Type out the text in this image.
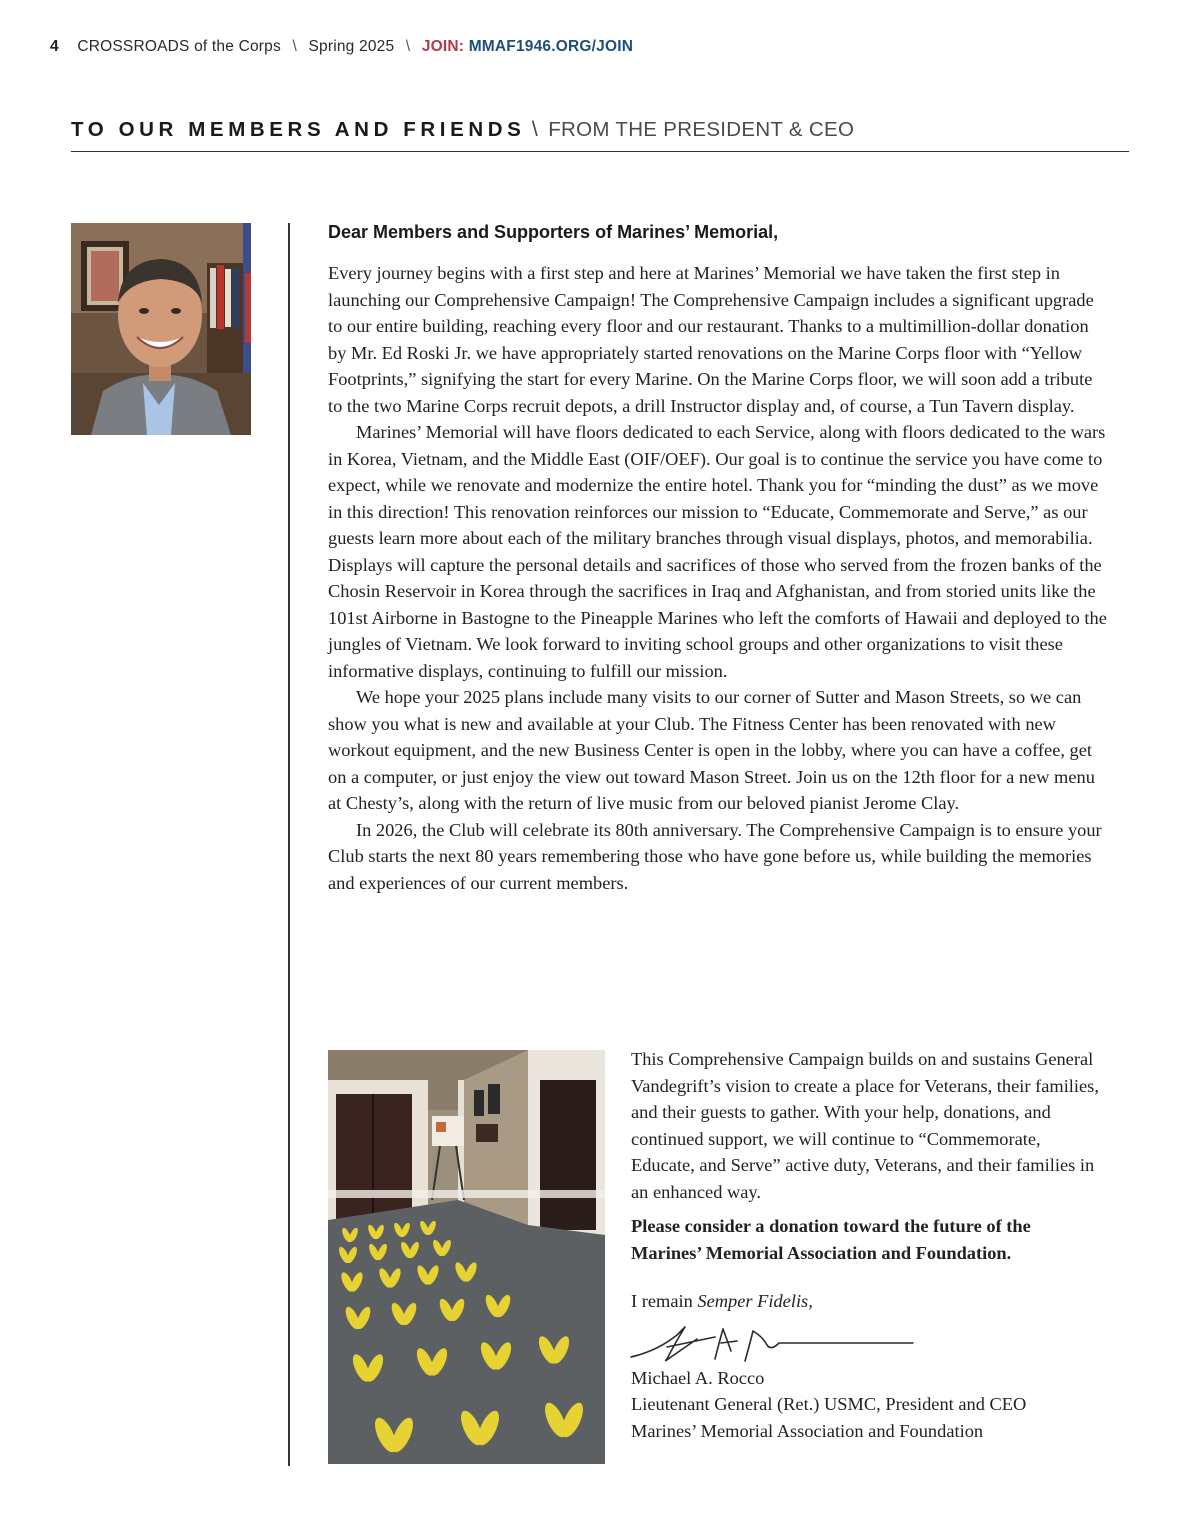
4 CROSSROADS of the Corps \ Spring 2025 \ JOIN: MMAF1946.ORG/JOIN
TO OUR MEMBERS AND FRIENDS \ FROM THE PRESIDENT & CEO
Dear Members and Supporters of Marines’ Memorial,

Every journey begins with a first step and here at Marines’ Memorial we have taken the first step in launching our Comprehensive Campaign! The Comprehensive Campaign includes a significant upgrade to our entire building, reaching every floor and our restaurant. Thanks to a multimillion-dollar donation by Mr. Ed Roski Jr. we have appropriately started renovations on the Marine Corps floor with “Yellow Footprints,” signifying the start for every Marine. On the Marine Corps floor, we will soon add a tribute to the two Marine Corps recruit depots, a drill Instructor display and, of course, a Tun Tavern display.

Marines’ Memorial will have floors dedicated to each Service, along with floors dedicated to the wars in Korea, Vietnam, and the Middle East (OIF/OEF). Our goal is to continue the service you have come to expect, while we renovate and modernize the entire hotel. Thank you for “minding the dust” as we move in this direction! This renovation reinforces our mission to “Educate, Commemorate and Serve,” as our guests learn more about each of the military branches through visual displays, photos, and memorabilia. Displays will capture the personal details and sacrifices of those who served from the frozen banks of the Chosin Reservoir in Korea through the sacrifices in Iraq and Afghanistan, and from storied units like the 101st Airborne in Bastogne to the Pineapple Marines who left the comforts of Hawaii and deployed to the jungles of Vietnam. We look forward to inviting school groups and other organizations to visit these informative displays, continuing to fulfill our mission.

We hope your 2025 plans include many visits to our corner of Sutter and Mason Streets, so we can show you what is new and available at your Club. The Fitness Center has been renovated with new workout equipment, and the new Business Center is open in the lobby, where you can have a coffee, get on a computer, or just enjoy the view out toward Mason Street. Join us on the 12th floor for a new menu at Chesty’s, along with the return of live music from our beloved pianist Jerome Clay.

In 2026, the Club will celebrate its 80th anniversary. The Comprehensive Campaign is to ensure your Club starts the next 80 years remembering those who have gone before us, while building the memories and experiences of our current members.

This Comprehensive Campaign builds on and sustains General Vandegrift’s vision to create a place for Veterans, their families, and their guests to gather. With your help, donations, and continued support, we will continue to “Commemorate, Educate, and Serve” active duty, Veterans, and their families in an enhanced way.

Please consider a donation toward the future of the Marines’ Memorial Association and Foundation.

I remain Semper Fidelis,

Michael A. Rocco

Lieutenant General (Ret.) USMC, President and CEO

Marines’ Memorial Association and Foundation
